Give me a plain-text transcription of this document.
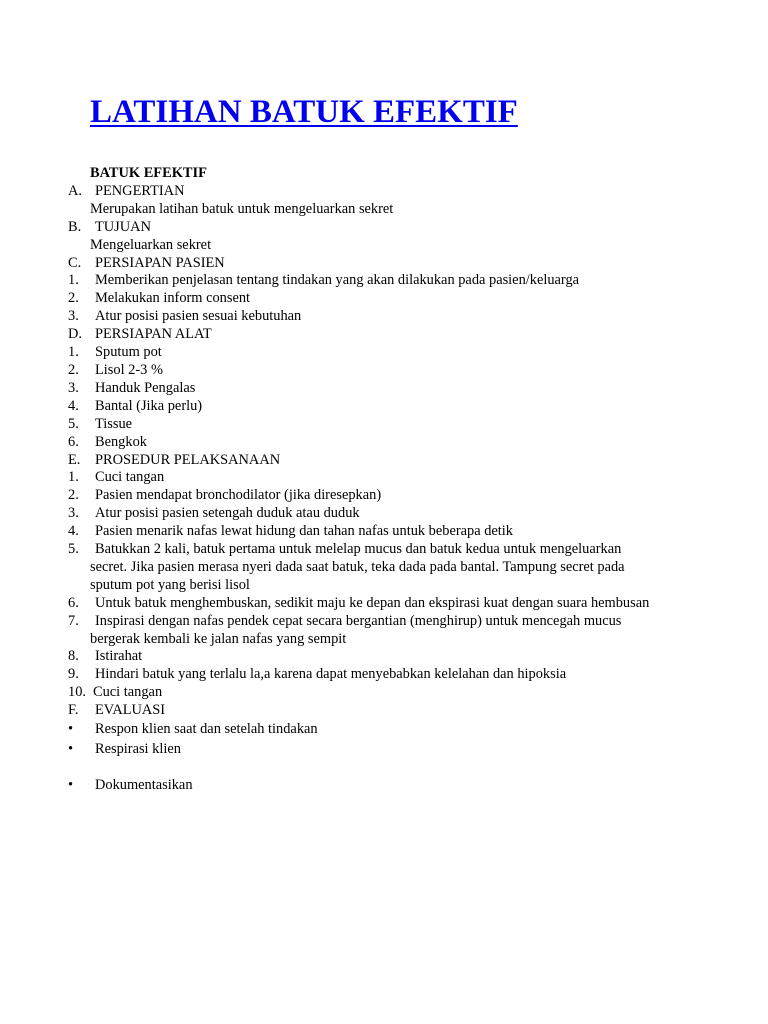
LATIHAN BATUK EFEKTIF
BATUK EFEKTIF
A. PENGERTIAN
Merupakan latihan batuk untuk mengeluarkan sekret
B. TUJUAN
Mengeluarkan sekret
C. PERSIAPAN PASIEN
1.	Memberikan penjelasan tentang tindakan yang akan dilakukan pada pasien/keluarga
2.	Melakukan inform consent
3.	Atur posisi pasien sesuai kebutuhan
D. PERSIAPAN ALAT
1.	Sputum pot
2.	Lisol 2-3 %
3.	Handuk Pengalas
4.	Bantal (Jika perlu)
5.	Tissue
6.	Bengkok
E.	PROSEDUR PELAKSANAAN
1.	Cuci tangan
2.	Pasien mendapat bronchodilator (jika diresepkan)
3.	Atur posisi pasien setengah duduk atau duduk
4.	Pasien menarik nafas lewat hidung dan tahan nafas untuk beberapa detik
5.	Batukkan 2 kali, batuk pertama untuk melelap mucus dan batuk kedua untuk mengeluarkan
secret. Jika pasien merasa nyeri dada saat batuk, teka dada pada bantal. Tampung secret pada
sputum pot yang berisi lisol
6.	Untuk batuk menghembuskan, sedikit maju ke depan dan ekspirasi kuat dengan suara hembusan
7.	Inspirasi dengan nafas pendek cepat secara bergantian (menghirup) untuk mencegah mucus
bergerak kembali ke jalan nafas yang sempit
8.	Istirahat
9.	Hindari batuk yang terlalu la,a karena dapat menyebabkan kelelahan dan hipoksia
10. Cuci tangan
F.	EVALUASI
•	Respon klien saat dan setelah tindakan
•	Respirasi klien
•	Dokumentasikan
